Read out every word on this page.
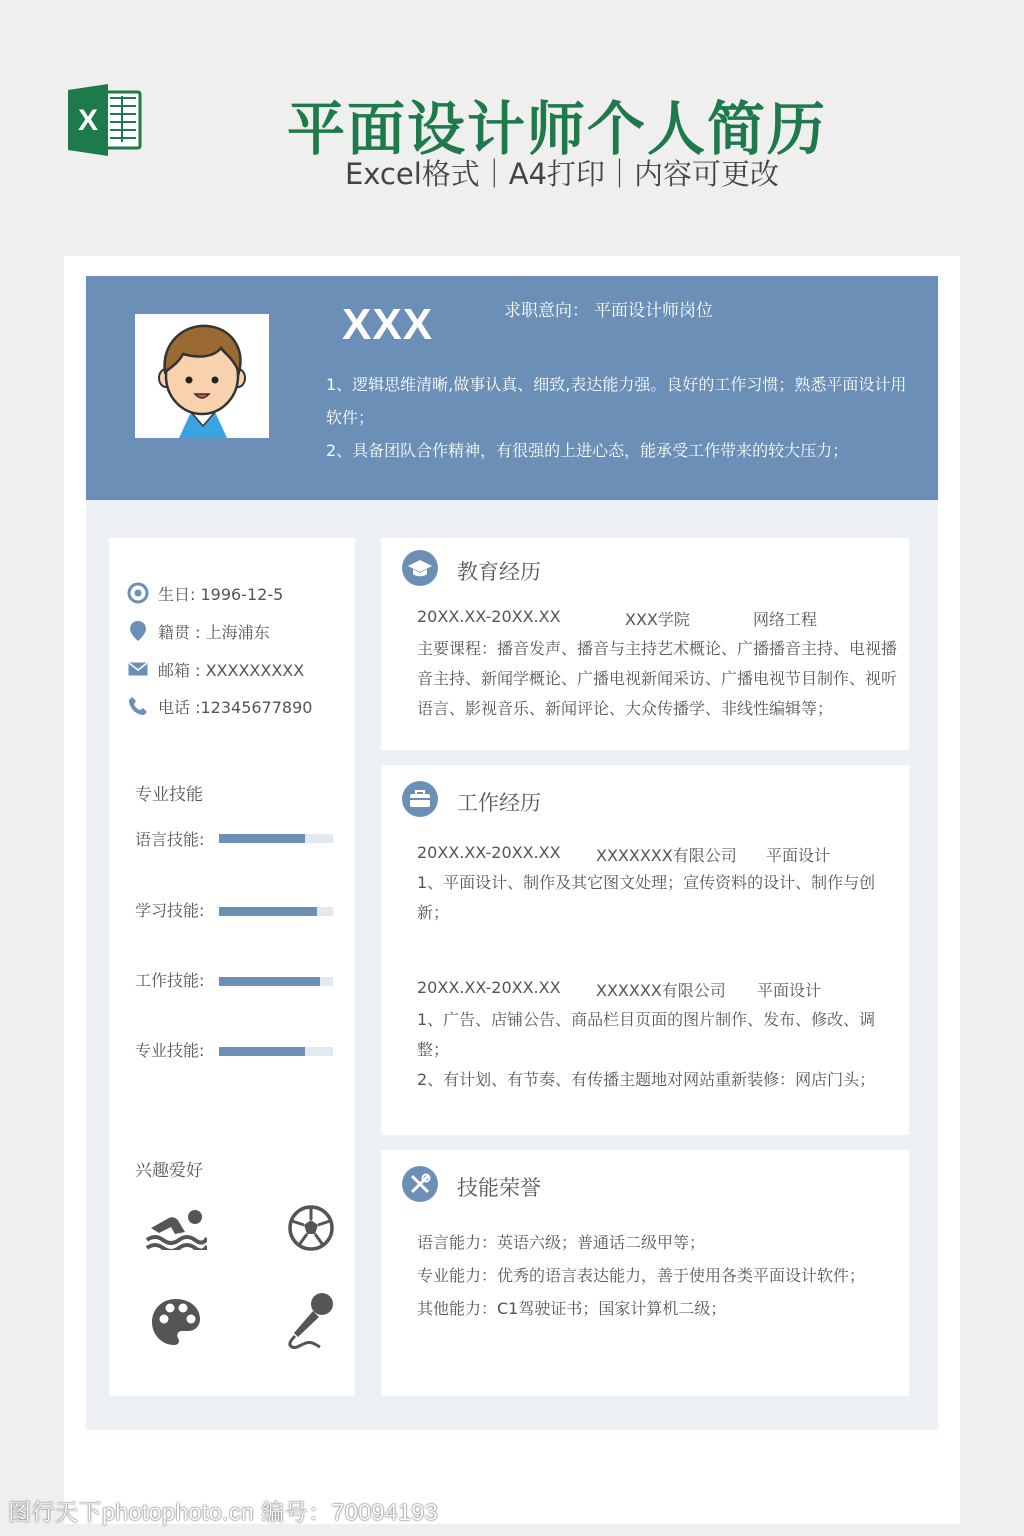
X	平面设计师个人简历
Excel格式｜A4打印｜内容可更改
XXX	求职意向： 平面设计师岗位
1、逻辑思维清晰,做事认真、细致,表达能力强。良好的工作习惯；熟悉平面设计用软件；
2、具备团队合作精神，有很强的上进心态，能承受工作带来的较大压力；
生日: 1996-12-5
籍贯 : 上海浦东
邮箱 : XXXXXXXXX
电话 :12345677890
专业技能
语言技能:
学习技能:
工作技能:
专业技能:
兴趣爱好
教育经历
20XX.XX-20XX.XX	XXX学院	网络工程
主要课程：播音发声、播音与主持艺术概论、广播播音主持、电视播音主持、新闻学概论、广播电视新闻采访、广播电视节目制作、视听语言、影视音乐、新闻评论、大众传播学、非线性编辑等；
工作经历
20XX.XX-20XX.XX XXXXXXX有限公司 平面设计
1、平面设计、制作及其它图文处理；宣传资料的设计、制作与创新；
20XX.XX-20XX.XX XXXXXX有限公司 平面设计
1、广告、店铺公告、商品栏目页面的图片制作、发布、修改、调整；
2、有计划、有节奏、有传播主题地对网站重新装修：网店门头；
技能荣誉
语言能力：英语六级；普通话二级甲等；
专业能力：优秀的语言表达能力，善于使用各类平面设计软件；
其他能力：C1驾驶证书；国家计算机二级；
图行天下photophoto.cn 编号：70094193
